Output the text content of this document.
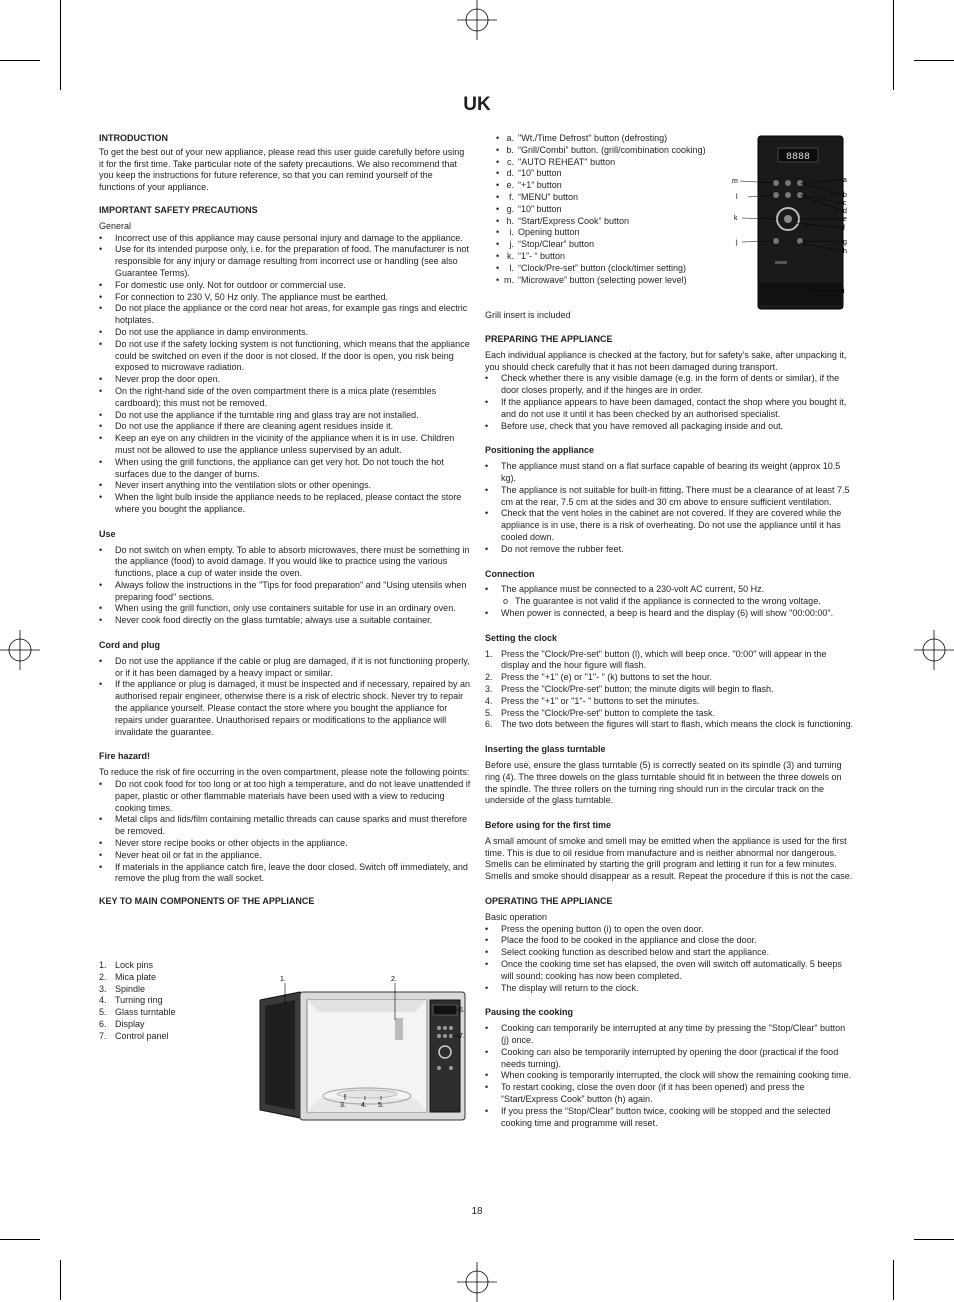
UK
INTRODUCTION

To get the best out of your new appliance, please read this user guide carefully before using it for the first time. Take particular note of the safety precautions. We also recommend that you keep the instructions for future reference, so that you can remind yourself of the functions of your appliance.

IMPORTANT SAFETY PRECAUTIONS

General

• Incorrect use of this appliance may cause personal injury and damage to the appliance.
• Use for its intended purpose only, i.e. for the preparation of food. The manufacturer is not responsible for any injury or damage resulting from incorrect use or handling (see also Guarantee Terms).
• For domestic use only. Not for outdoor or commercial use.
• For connection to 230 V, 50 Hz only. The appliance must be earthed.
• Do not place the appliance or the cord near hot areas, for example gas rings and electric hotplates.
• Do not use the appliance in damp environments.
• Do not use if the safety locking system is not functioning, which means that the appliance could be switched on even if the door is not closed. If the door is open, you risk being exposed to microwave radiation.
• Never prop the door open.
• On the right-hand side of the oven compartment there is a mica plate (resembles cardboard); this must not be removed.
• Do not use the appliance if the turntable ring and glass tray are not installed.
• Do not use the appliance if there are cleaning agent residues inside it.
• Keep an eye on any children in the vicinity of the appliance when it is in use. Children must not be allowed to use the appliance unless supervised by an adult.
• When using the grill functions, the appliance can get very hot. Do not touch the hot surfaces due to the danger of burns.
• Never insert anything into the ventilation slots or other openings.
• When the light bulb inside the appliance needs to be replaced, please contact the store where you bought the appliance.
Use
• Do not switch on when empty. To able to absorb microwaves, there must be something in the appliance (food) to avoid damage. If you would like to practice using the various functions, place a cup of water inside the oven.
• Always follow the instructions in the "Tips for food preparation" and "Using utensils when preparing food" sections.
• When using the grill function, only use containers suitable for use in an ordinary oven.
• Never cook food directly on the glass turntable; always use a suitable container.
Cord and plug
• Do not use the appliance if the cable or plug are damaged, if it is not functioning properly, or if it has been damaged by a heavy impact or similar.
• If the appliance or plug is damaged, it must be inspected and if necessary, repaired by an authorised repair engineer, otherwise there is a risk of electric shock. Never try to repair the appliance yourself. Please contact the store where you bought the appliance for repairs under guarantee. Unauthorised repairs or modifications to the appliance will invalidate the guarantee.
Fire hazard!

To reduce the risk of fire occurring in the oven compartment, please note the following points:

• Do not cook food for too long or at too high a temperature, and do not leave unattended if paper, plastic or other flammable materials have been used with a view to reducing cooking times.
• Metal clips and lids/film containing metallic threads can cause sparks and must therefore be removed.
• Never store recipe books or other objects in the appliance.
• Never heat oil or fat in the appliance.
• If materials in the appliance catch fire, leave the door closed. Switch off immediately, and remove the plug from the wall socket.
KEY TO MAIN COMPONENTS OF THE APPLIANCE
1. Lock pins
2. Mica plate
3. Spindle
4. Turning ring
5. Glass turntable
6. Display
7. Control panel
1.	2.
3. 4. 5.
6.
7.
• a. "Wt./Time Defrost" button (defrosting)
• b. “Grill/Combi” button. (grill/combination cooking)
• c. "AUTO REHEAT" button
• d. “10” button
• e. “+1” button
• f. “MENU” button
• g. “10” button
• h. “Start/Express Cook” button
• i. Opening button
• j. “Stop/Clear” button
• k. “1”- “ button
• l. “Clock/Pre-set” button (clock/timer setting)
• m. “Microwave” button (selecting power level)
8888
m
l
k
j
a
b
c
d
e
f
g
h
i
Grill insert is included
PREPARING THE APPLIANCE

Each individual appliance is checked at the factory, but for safety’s sake, after unpacking it, you should check carefully that it has not been damaged during transport.

• Check whether there is any visible damage (e.g. in the form of dents or similar), if the door closes properly, and if the hinges are in order.
• If the appliance appears to have been damaged, contact the shop where you bought it, and do not use it until it has been checked by an authorised specialist.
• Before use, check that you have removed all packaging inside and out.
Positioning the appliance
• The appliance must stand on a flat surface capable of bearing its weight (approx 10.5 kg).
• The appliance is not suitable for built-in fitting. There must be a clearance of at least 7.5 cm at the rear, 7.5 cm at the sides and 30 cm above to ensure sufficient ventilation.
• Check that the vent holes in the cabinet are not covered. If they are covered while the appliance is in use, there is a risk of overheating. Do not use the appliance until it has cooled down.
• Do not remove the rubber feet.
Connection
• The appliance must be connected to a 230-volt AC current, 50 Hz.
o The guarantee is not valid if the appliance is connected to the wrong voltage.
• When power is connected, a beep is heard and the display (6) will show "00:00:00".
Setting the clock
1. Press the "Clock/Pre-set" button (l), which will beep once. "0:00" will appear in the display and the hour figure will flash.
2. Press the "+1" (e) or "1"- " (k) buttons to set the hour.
3. Press the "Clock/Pre-set" button; the minute digits will begin to flash.
4. Press the "+1" or "1"- " buttons to set the minutes.
5. Press the "Clock/Pre-set" button to complete the task.
6. The two dots between the figures will start to flash, which means the clock is functioning.
Inserting the glass turntable

Before use, ensure the glass turntable (5) is correctly seated on its spindle (3) and turning ring (4). The three dowels on the glass turntable should fit in between the three dowels on the spindle. The three rollers on the turning ring should run in the circular track on the underside of the glass turntable.

Before using for the first time

A small amount of smoke and smell may be emitted when the appliance is used for the first time. This is due to oil residue from manufacture and is neither abnormal nor dangerous. Smells can be eliminated by starting the grill program and letting it run for a few minutes. Smells and smoke should disappear as a result. Repeat the procedure if this is not the case.

OPERATING THE APPLIANCE

Basic operation

• Press the opening button (i) to open the oven door.
• Place the food to be cooked in the appliance and close the door.
• Select cooking function as described below and start the appliance.
• Once the cooking time set has elapsed, the oven will switch off automatically. 5 beeps will sound; cooking has now been completed.
• The display will return to the clock.
Pausing the cooking
• Cooking can temporarily be interrupted at any time by pressing the "Stop/Clear" button (j) once.
• Cooking can also be temporarily interrupted by opening the door (practical if the food needs turning).
• When cooking is temporarily interrupted, the clock will show the remaining cooking time.
• To restart cooking, close the oven door (if it has been opened) and press the “Start/Express Cook” button (h) again.
• If you press the “Stop/Clear” button twice, cooking will be stopped and the selected cooking time and programme will reset.
18
